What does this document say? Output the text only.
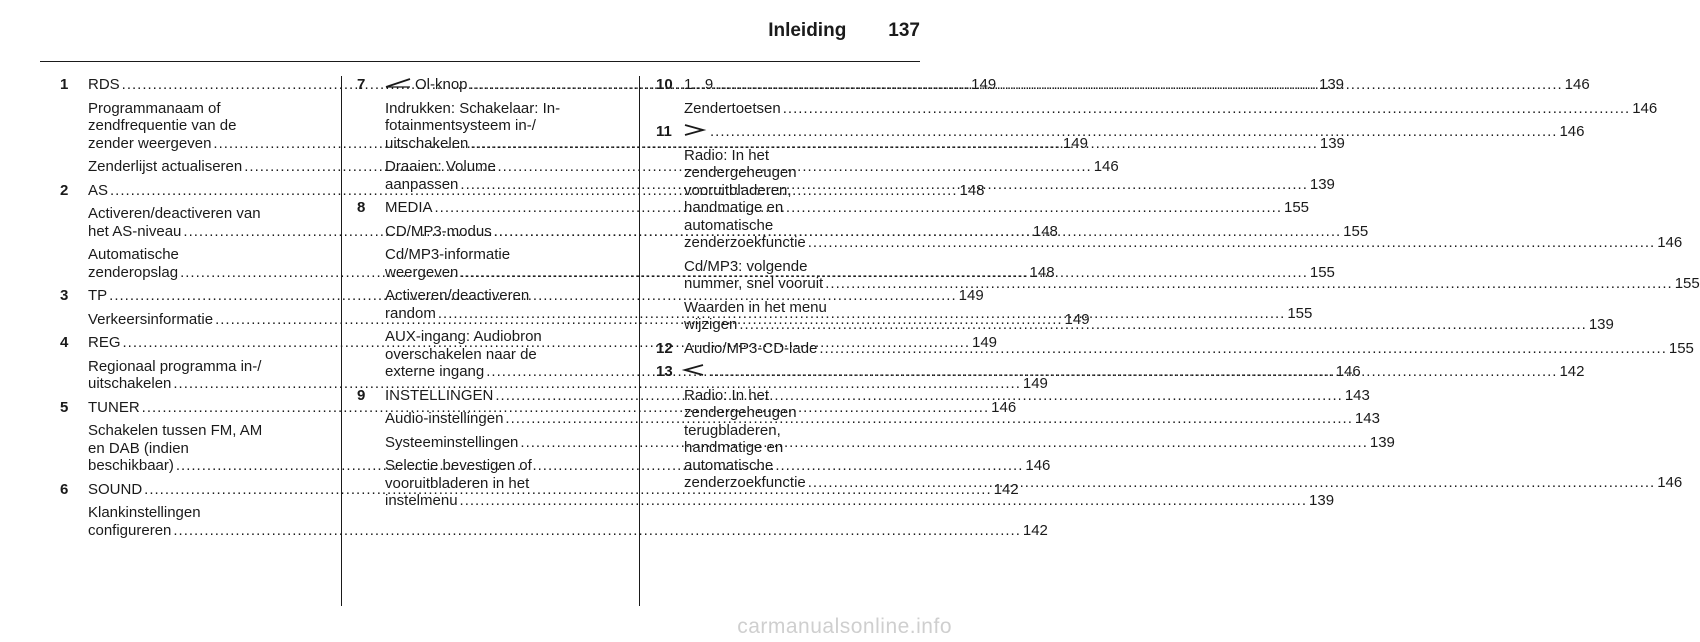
Inleiding 137
1	RDS .....	149
Programmanaam of
zendfrequentie van de
zender weergeven .....	149
Zenderlijst actualiseren .....	146
2	AS .....	148
Activeren/deactiveren van
het AS-niveau .....	148
Automatische
zenderopslag .....	148
3	TP .....	149
Verkeersinformatie .....	149
4	REG .....	149
Regionaal programma in-/
uitschakelen .....	149
5	TUNER .....	146
Schakelen tussen FM, AM
en DAB (indien
beschikbaar) .....	146
6	SOUND .....	142
Klankinstellingen
configureren .....	142
7	Ol-knop .....	139
Indrukken: Schakelaar: In-
fotainmentsysteem in-/
uitschakelen .....	139
Draaien: Volume
aanpassen .....	139
8	MEDIA .....	155
CD/MP3-modus .....	155
Cd/MP3-informatie
weergeven .....	155
Activeren/deactiveren
random .....	155
AUX-ingang: Audiobron
overschakelen naar de
externe ingang .....	146
9	INSTELLINGEN .....	143
Audio-instellingen .....	143
Systeeminstellingen .....	139
Selectie bevestigen of
vooruitbladeren in het
instelmenu .....	139
10 1...9 .....	146
Zendertoetsen .....	146
11 .....	146
Radio: In het
zendergeheugen
vooruitbladeren,
handmatige en
automatische
zenderzoekfunctie .....	146
Cd/MP3: volgende
nummer, snel vooruit .....	155
Waarden in het menu
wijzigen .....	139
12 Audio/MP3-CD-lade .....	155
13 .....	142
Radio: In het
zendergeheugen
terugbladeren,
handmatige en
automatische
zenderzoekfunctie .....	146
carmanualsonline.info
